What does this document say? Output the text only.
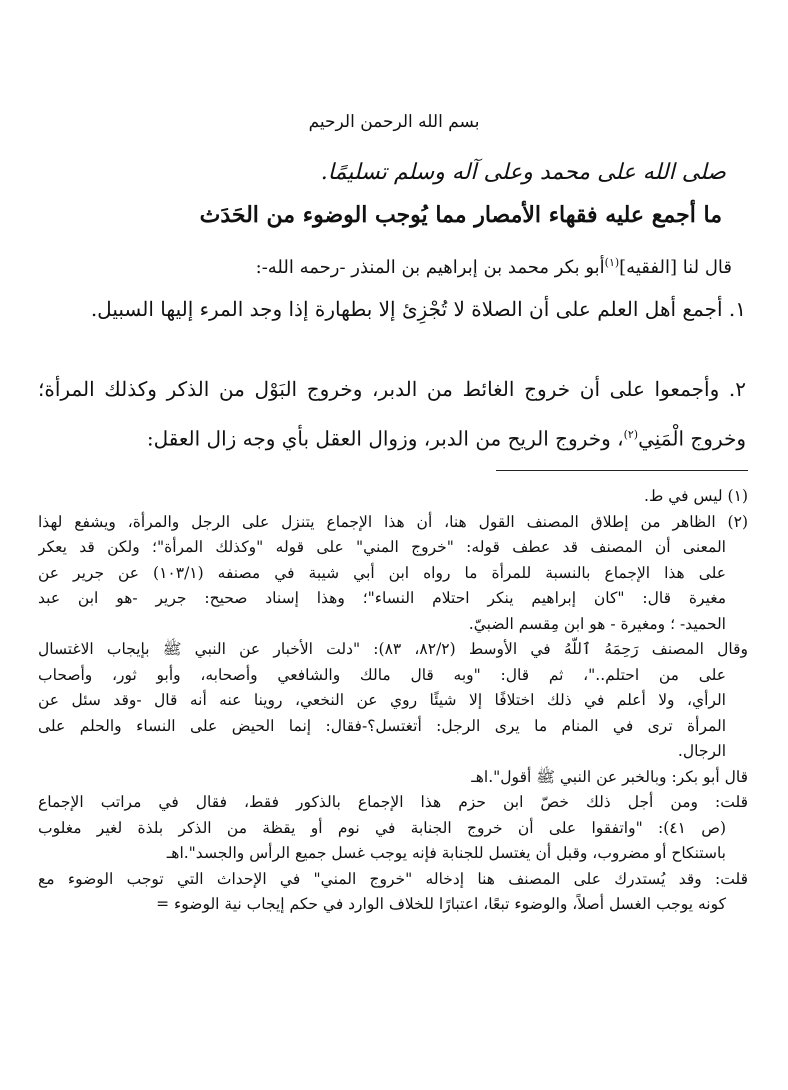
بسم الله الرحمن الرحيم
صلى الله على محمد وعلى آله وسلم تسليمًا.
ما أجمع عليه فقهاء الأمصار مما يُوجب الوضوء من الحَدَث
قال لنا [الفقيه]$^{(١)}$أبو بكر محمد بن إبراهيم بن المنذر -رحمه الله-:
١. أجمع أهل العلم على أن الصلاة لا تُجْزِئ إلا بطهارة إذا وجد المرء إليها السبيل.
٢. وأجمعوا على أن خروج الغائط من الدبر، وخروج البَوْل من الذكر وكذلك المرأة؛ وخروج الْمَنِي$^{(٢)}$، وخروج الريح من الدبر، وزوال العقل بأي وجه زال العقل:
(١) ليس في ط.
(٢) الظاهر من إطلاق المصنف القول هنا، أن هذا الإجماع يتنزل على الرجل والمرأة، ويشفع لهذا
المعنى أن المصنف قد عطف قوله: "خروج المني" على قوله "وكذلك المرأة"؛ ولكن قد يعكر
على هذا الإجماع بالنسبة للمرأة ما رواه ابن أبي شيبة في مصنفه (١٠٣/١) عن جرير عن
مغيرة قال: "كان إبراهيم ينكر احتلام النساء"؛ وهذا إسناد صحيح: جرير -هو ابن عبد
الحميد- ؛ ومغيرة - هو ابن مِقسم الضبيّ.
وقال المصنف رَحِمَهُ ٱللَّهُ في الأوسط (٨٢/٢، ٨٣): "دلت الأخبار عن النبي ﷺ بإيجاب الاغتسال
على من احتلم.."، ثم قال: "وبه قال مالك والشافعي وأصحابه، وأبو ثور، وأصحاب
الرأي، ولا أعلم في ذلك اختلافًا إلا شيئًا روي عن النخعي، روينا عنه أنه قال -وقد سئل عن
المرأة ترى في المنام ما يرى الرجل: أتغتسل؟-فقال: إنما الحيض على النساء والحلم على
الرجال.
قال أبو بكر: وبالخبر عن النبي ﷺ أقول".اهـ
قلت: ومن أجل ذلك خصّ ابن حزم هذا الإجماع بالذكور فقط، فقال في مراتب الإجماع
(ص ٤١): "واتفقوا على أن خروج الجنابة في نوم أو يقظة من الذكر بلذة لغير مغلوب
باستنكاح أو مضروب، وقبل أن يغتسل للجنابة فإنه يوجب غسل جميع الرأس والجسد".اهـ
قلت: وقد يُستدرك على المصنف هنا إدخاله "خروج المني" في الإحداث التي توجب الوضوء مع
كونه يوجب الغسل أصلاً، والوضوء تبعًا، اعتبارًا للخلاف الوارد في حكم إيجاب نية الوضوء =
